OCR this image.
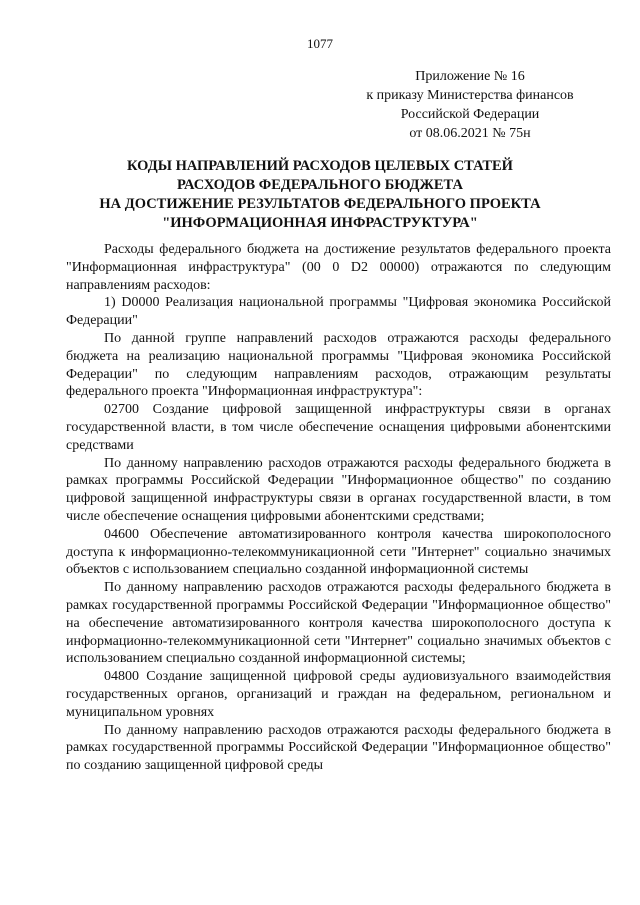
1077
Приложение № 16
к приказу Министерства финансов
Российской Федерации
от 08.06.2021 № 75н
КОДЫ НАПРАВЛЕНИЙ РАСХОДОВ ЦЕЛЕВЫХ СТАТЕЙ
РАСХОДОВ ФЕДЕРАЛЬНОГО БЮДЖЕТА
НА ДОСТИЖЕНИЕ РЕЗУЛЬТАТОВ ФЕДЕРАЛЬНОГО ПРОЕКТА
"ИНФОРМАЦИОННАЯ ИНФРАСТРУКТУРА"

Расходы федерального бюджета на достижение результатов федерального проекта "Информационная инфраструктура" (00 0 D2 00000) отражаются по следующим направлениям расходов:

1) D0000 Реализация национальной программы "Цифровая экономика Российской Федерации"

По данной группе направлений расходов отражаются расходы федерального бюджета на реализацию национальной программы "Цифровая экономика Российской Федерации" по следующим направлениям расходов, отражающим результаты федерального проекта "Информационная инфраструктура":

02700 Создание цифровой защищенной инфраструктуры связи в органах государственной власти, в том числе обеспечение оснащения цифровыми абонентскими средствами

По данному направлению расходов отражаются расходы федерального бюджета в рамках программы Российской Федерации "Информационное общество" по созданию цифровой защищенной инфраструктуры связи в органах государственной власти, в том числе обеспечение оснащения цифровыми абонентскими средствами;

04600 Обеспечение автоматизированного контроля качества широкополосного доступа к информационно-телекоммуникационной сети "Интернет" социально значимых объектов с использованием специально созданной информационной системы

По данному направлению расходов отражаются расходы федерального бюджета в рамках государственной программы Российской Федерации "Информационное общество" на обеспечение автоматизированного контроля качества широкополосного доступа к информационно-телекоммуникационной сети "Интернет" социально значимых объектов с использованием специально созданной информационной системы;

04800 Создание защищенной цифровой среды аудиовизуального взаимодействия государственных органов, организаций и граждан на федеральном, региональном и муниципальном уровнях

По данному направлению расходов отражаются расходы федерального бюджета в рамках государственной программы Российской Федерации "Информационное общество" по созданию защищенной цифровой среды
